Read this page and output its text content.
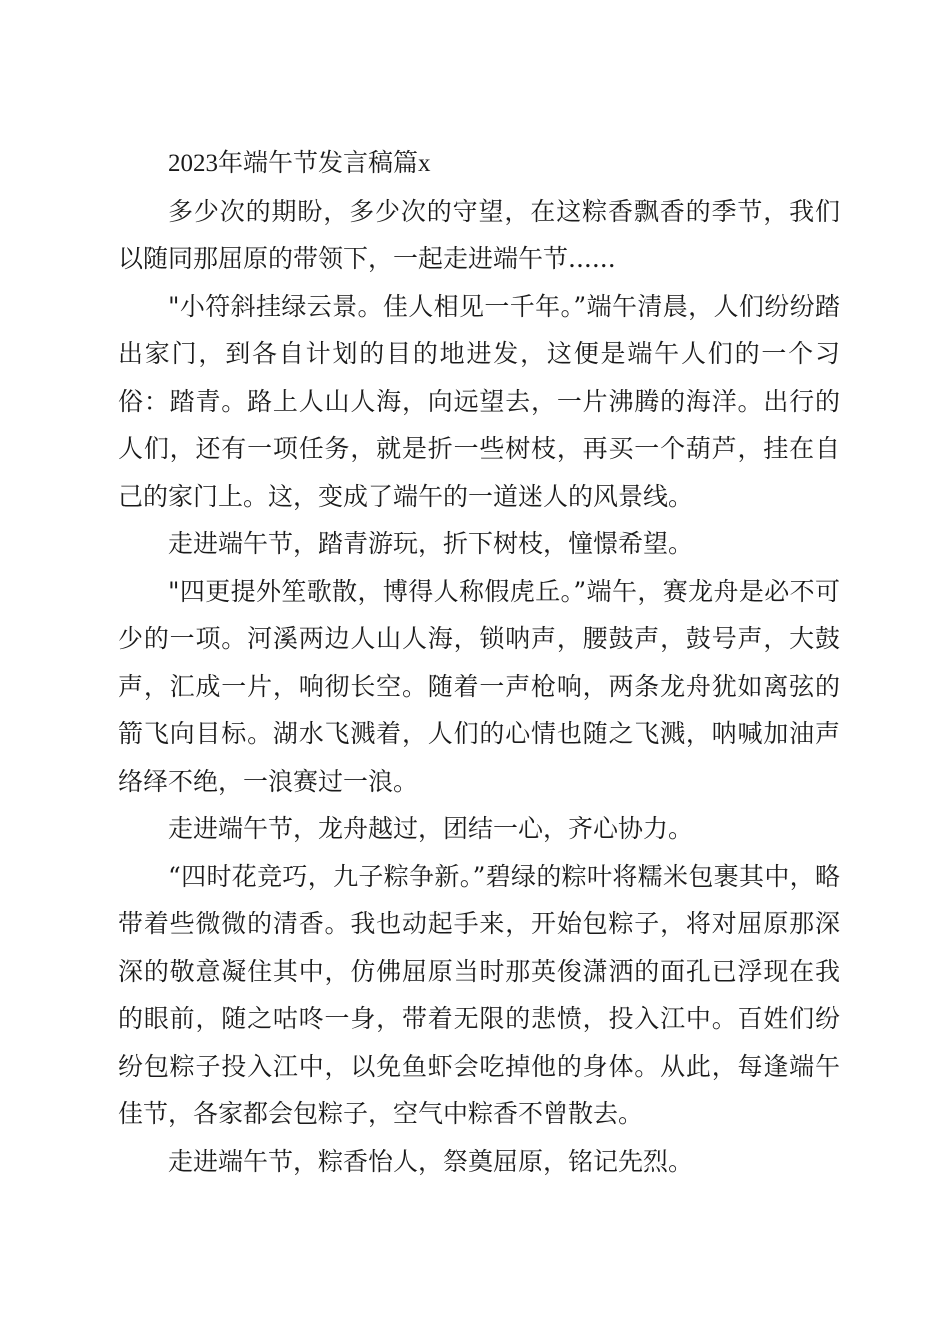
2023年端午节发言稿篇x

多少次的期盼，多少次的守望，在这粽香飘香的季节，我们以随同那屈原的带领下，一起走进端午节......

"小符斜挂绿云景。佳人相见一千年。”端午清晨，人们纷纷踏出家门，到各自计划的目的地进发，这便是端午人们的一个习俗：踏青。路上人山人海，向远望去，一片沸腾的海洋。出行的人们，还有一项任务，就是折一些树枝，再买一个葫芦，挂在自己的家门上。这，变成了端午的一道迷人的风景线。

走进端午节，踏青游玩，折下树枝，憧憬希望。

"四更提外笙歌散，博得人称假虎丘。”端午，赛龙舟是必不可少的一项。河溪两边人山人海，锁呐声，腰鼓声，鼓号声，大鼓声，汇成一片，响彻长空。随着一声枪响，两条龙舟犹如离弦的箭飞向目标。湖水飞溅着，人们的心情也随之飞溅，呐喊加油声络绎不绝，一浪赛过一浪。

走进端午节，龙舟越过，团结一心，齐心协力。

“四时花竞巧，九子粽争新。”碧绿的粽叶将糯米包裹其中，略带着些微微的清香。我也动起手来，开始包粽子，将对屈原那深深的敬意凝住其中，仿佛屈原当时那英俊潇洒的面孔已浮现在我的眼前，随之咕咚一身，带着无限的悲愤，投入江中。百姓们纷纷包粽子投入江中，以免鱼虾会吃掉他的身体。从此，每逢端午佳节，各家都会包粽子，空气中粽香不曾散去。

走进端午节，粽香怡人，祭奠屈原，铭记先烈。
